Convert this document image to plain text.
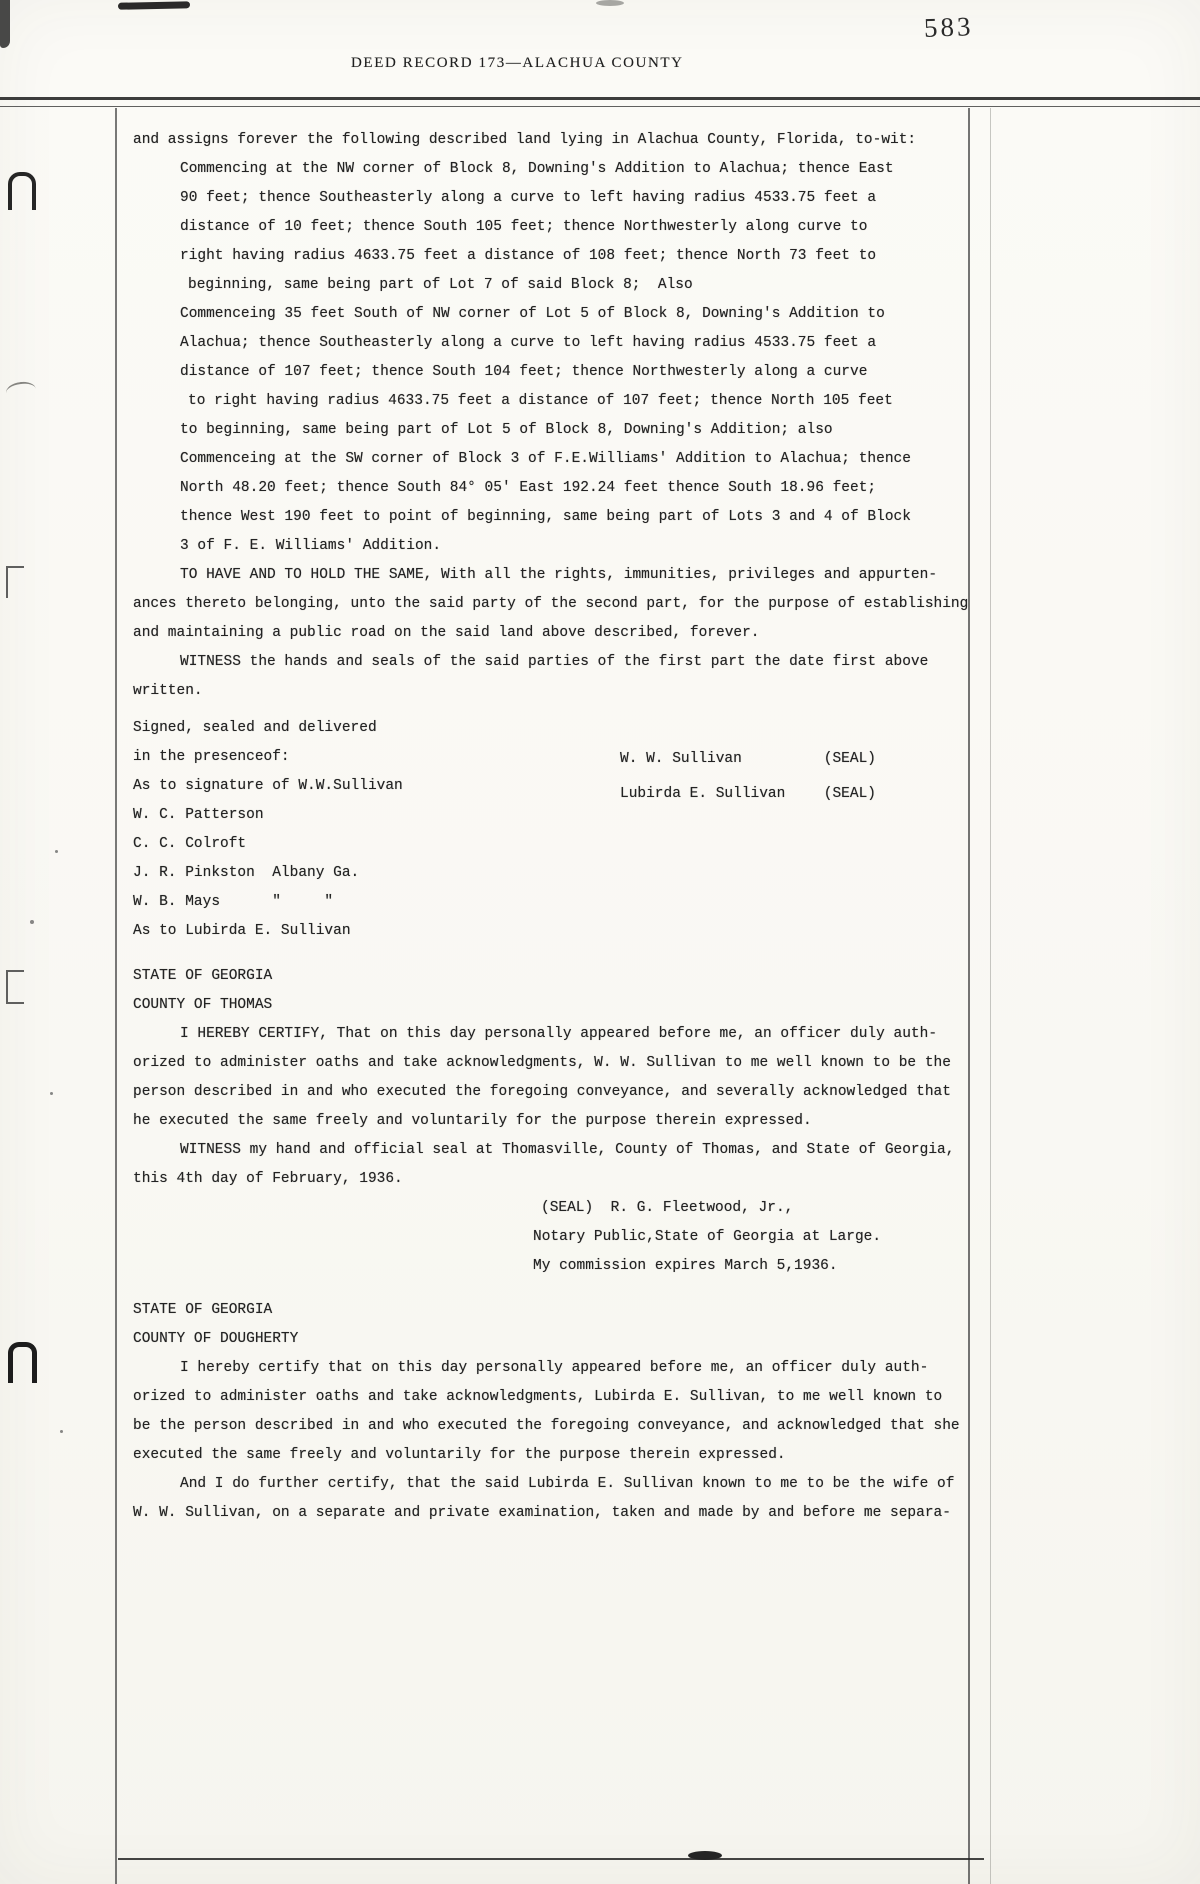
583
DEED RECORD 173—ALACHUA COUNTY
and assigns forever the following described land lying in Alachua County, Florida, to-wit:
Commencing at the NW corner of Block 8, Downing's Addition to Alachua; thence East
90 feet; thence Southeasterly along a curve to left having radius 4533.75 feet a
distance of 10 feet; thence South 105 feet; thence Northwesterly along curve to
right having radius 4633.75 feet a distance of 108 feet; thence North 73 feet to
beginning, same being part of Lot 7 of said Block 8;  Also
Commenceing 35 feet South of NW corner of Lot 5 of Block 8, Downing's Addition to
Alachua; thence Southeasterly along a curve to left having radius 4533.75 feet a
distance of 107 feet; thence South 104 feet; thence Northwesterly along a curve
to right having radius 4633.75 feet a distance of 107 feet; thence North 105 feet
to beginning, same being part of Lot 5 of Block 8, Downing's Addition; also
Commenceing at the SW corner of Block 3 of F.E.Williams' Addition to Alachua; thence
North 48.20 feet; thence South 84° 05' East 192.24 feet thence South 18.96 feet;
thence West 190 feet to point of beginning, same being part of Lots 3 and 4 of Block
3 of F. E. Williams' Addition.
TO HAVE AND TO HOLD THE SAME, With all the rights, immunities, privileges and appurten-
ances thereto belonging, unto the said party of the second part, for the purpose of establishing
and maintaining a public road on the said land above described, forever.
WITNESS the hands and seals of the said parties of the first part the date first above
written.
Signed, sealed and delivered
in the presenceof:
As to signature of W.W.Sullivan
W. C. Patterson
C. C. Colroft
J. R. Pinkston  Albany Ga.
W. B. Mays      "     "
As to Lubirda E. Sullivan
W. W. Sullivan	(SEAL)
Lubirda E. Sullivan	(SEAL)
STATE OF GEORGIA
COUNTY OF THOMAS
I HEREBY CERTIFY, That on this day personally appeared before me, an officer duly auth-
orized to administer oaths and take acknowledgments, W. W. Sullivan to me well known to be the
person described in and who executed the foregoing conveyance, and severally acknowledged that
he executed the same freely and voluntarily for the purpose therein expressed.
WITNESS my hand and official seal at Thomasville, County of Thomas, and State of Georgia,
this 4th day of February, 1936.
(SEAL)  R. G. Fleetwood, Jr.,
Notary Public,State of Georgia at Large.
My commission expires March 5,1936.
STATE OF GEORGIA
COUNTY OF DOUGHERTY
I hereby certify that on this day personally appeared before me, an officer duly auth-
orized to administer oaths and take acknowledgments, Lubirda E. Sullivan, to me well known to
be the person described in and who executed the foregoing conveyance, and acknowledged that she
executed the same freely and voluntarily for the purpose therein expressed.
And I do further certify, that the said Lubirda E. Sullivan known to me to be the wife of
W. W. Sullivan, on a separate and private examination, taken and made by and before me separa-
